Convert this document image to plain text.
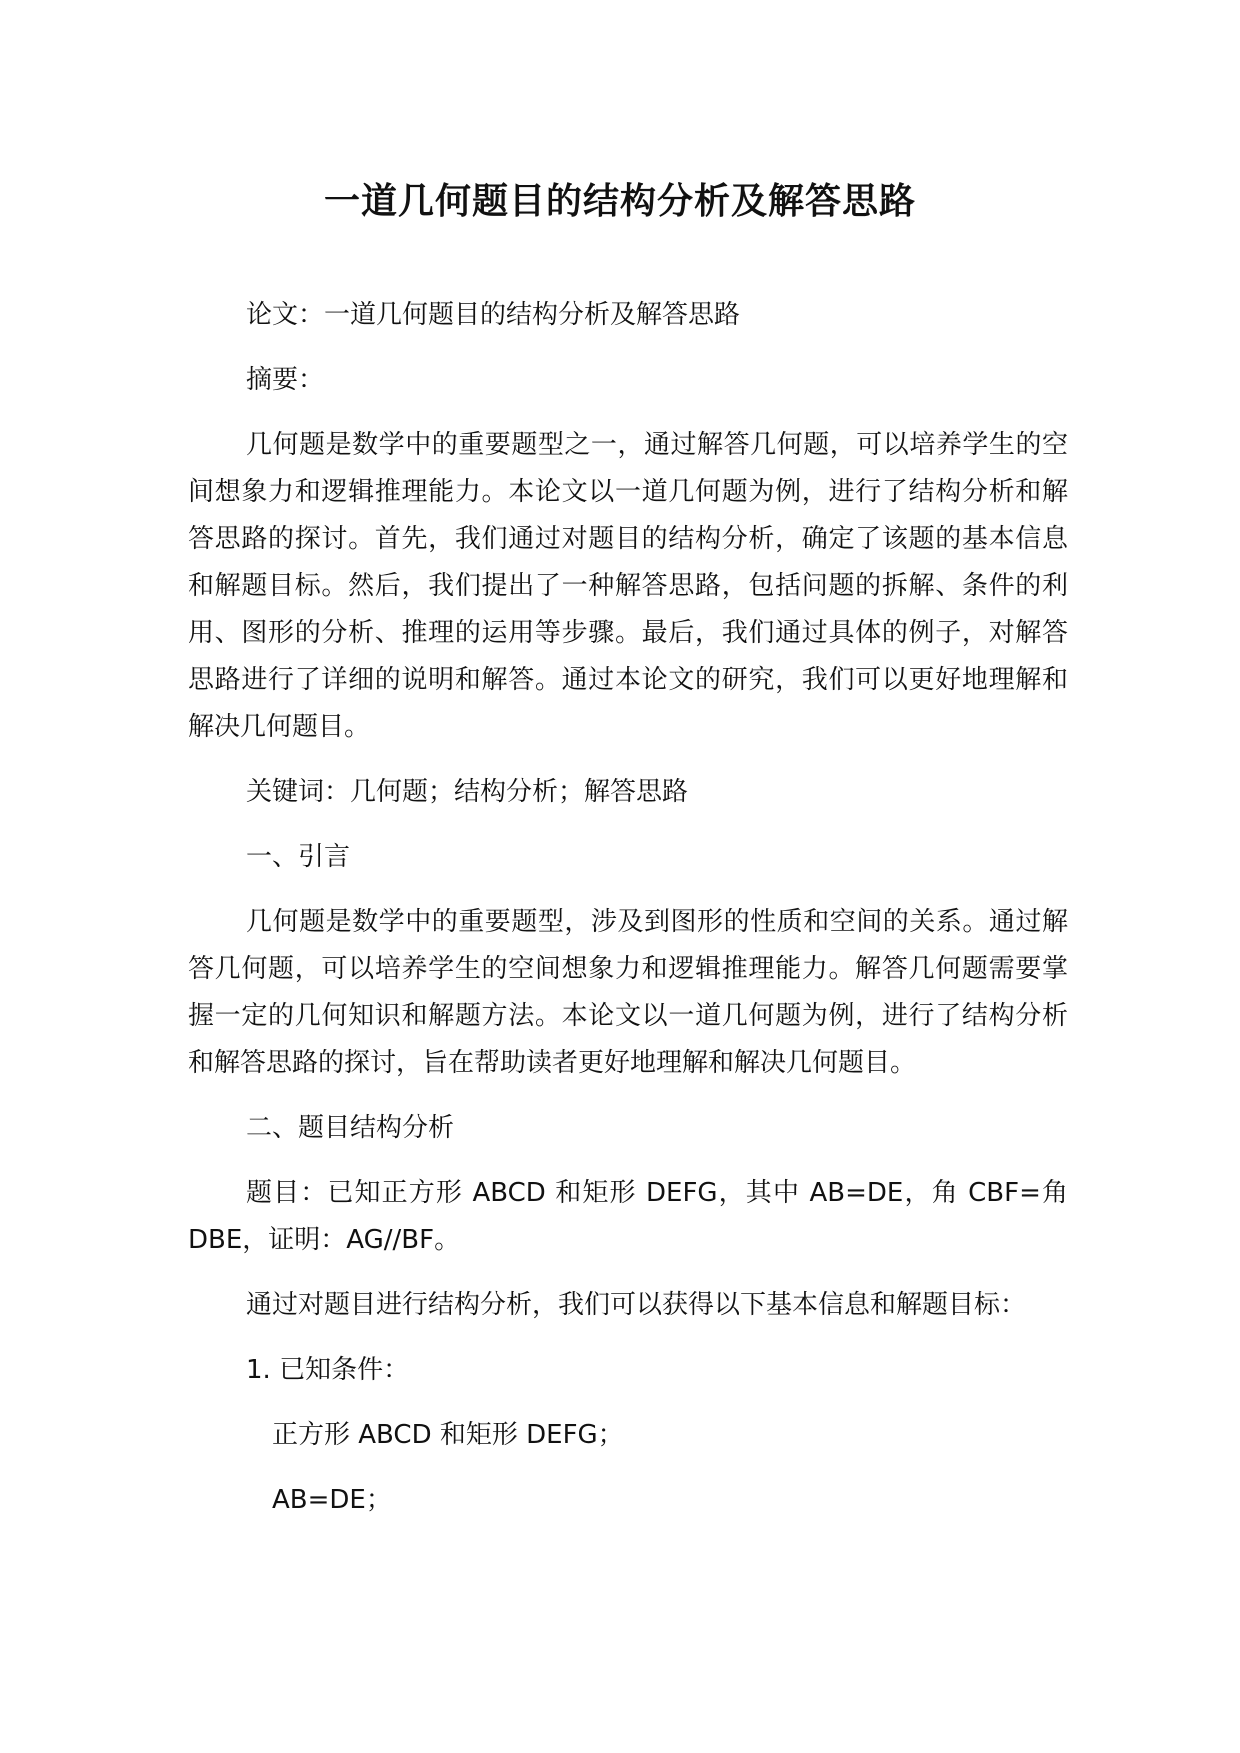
一道几何题目的结构分析及解答思路

论文：一道几何题目的结构分析及解答思路

摘要：

几何题是数学中的重要题型之一，通过解答几何题，可以培养学生的空间想象力和逻辑推理能力。本论文以一道几何题为例，进行了结构分析和解答思路的探讨。首先，我们通过对题目的结构分析，确定了该题的基本信息和解题目标。然后，我们提出了一种解答思路，包括问题的拆解、条件的利用、图形的分析、推理的运用等步骤。最后，我们通过具体的例子，对解答思路进行了详细的说明和解答。通过本论文的研究，我们可以更好地理解和解决几何题目。

关键词：几何题；结构分析；解答思路

一、引言

几何题是数学中的重要题型，涉及到图形的性质和空间的关系。通过解答几何题，可以培养学生的空间想象力和逻辑推理能力。解答几何题需要掌握一定的几何知识和解题方法。本论文以一道几何题为例，进行了结构分析和解答思路的探讨，旨在帮助读者更好地理解和解决几何题目。

二、题目结构分析

题目：已知正方形 ABCD 和矩形 DEFG，其中 AB=DE，角 CBF=角 DBE，证明：AG//BF。

通过对题目进行结构分析，我们可以获得以下基本信息和解题目标：

1. 已知条件：

正方形 ABCD 和矩形 DEFG；

AB=DE；
